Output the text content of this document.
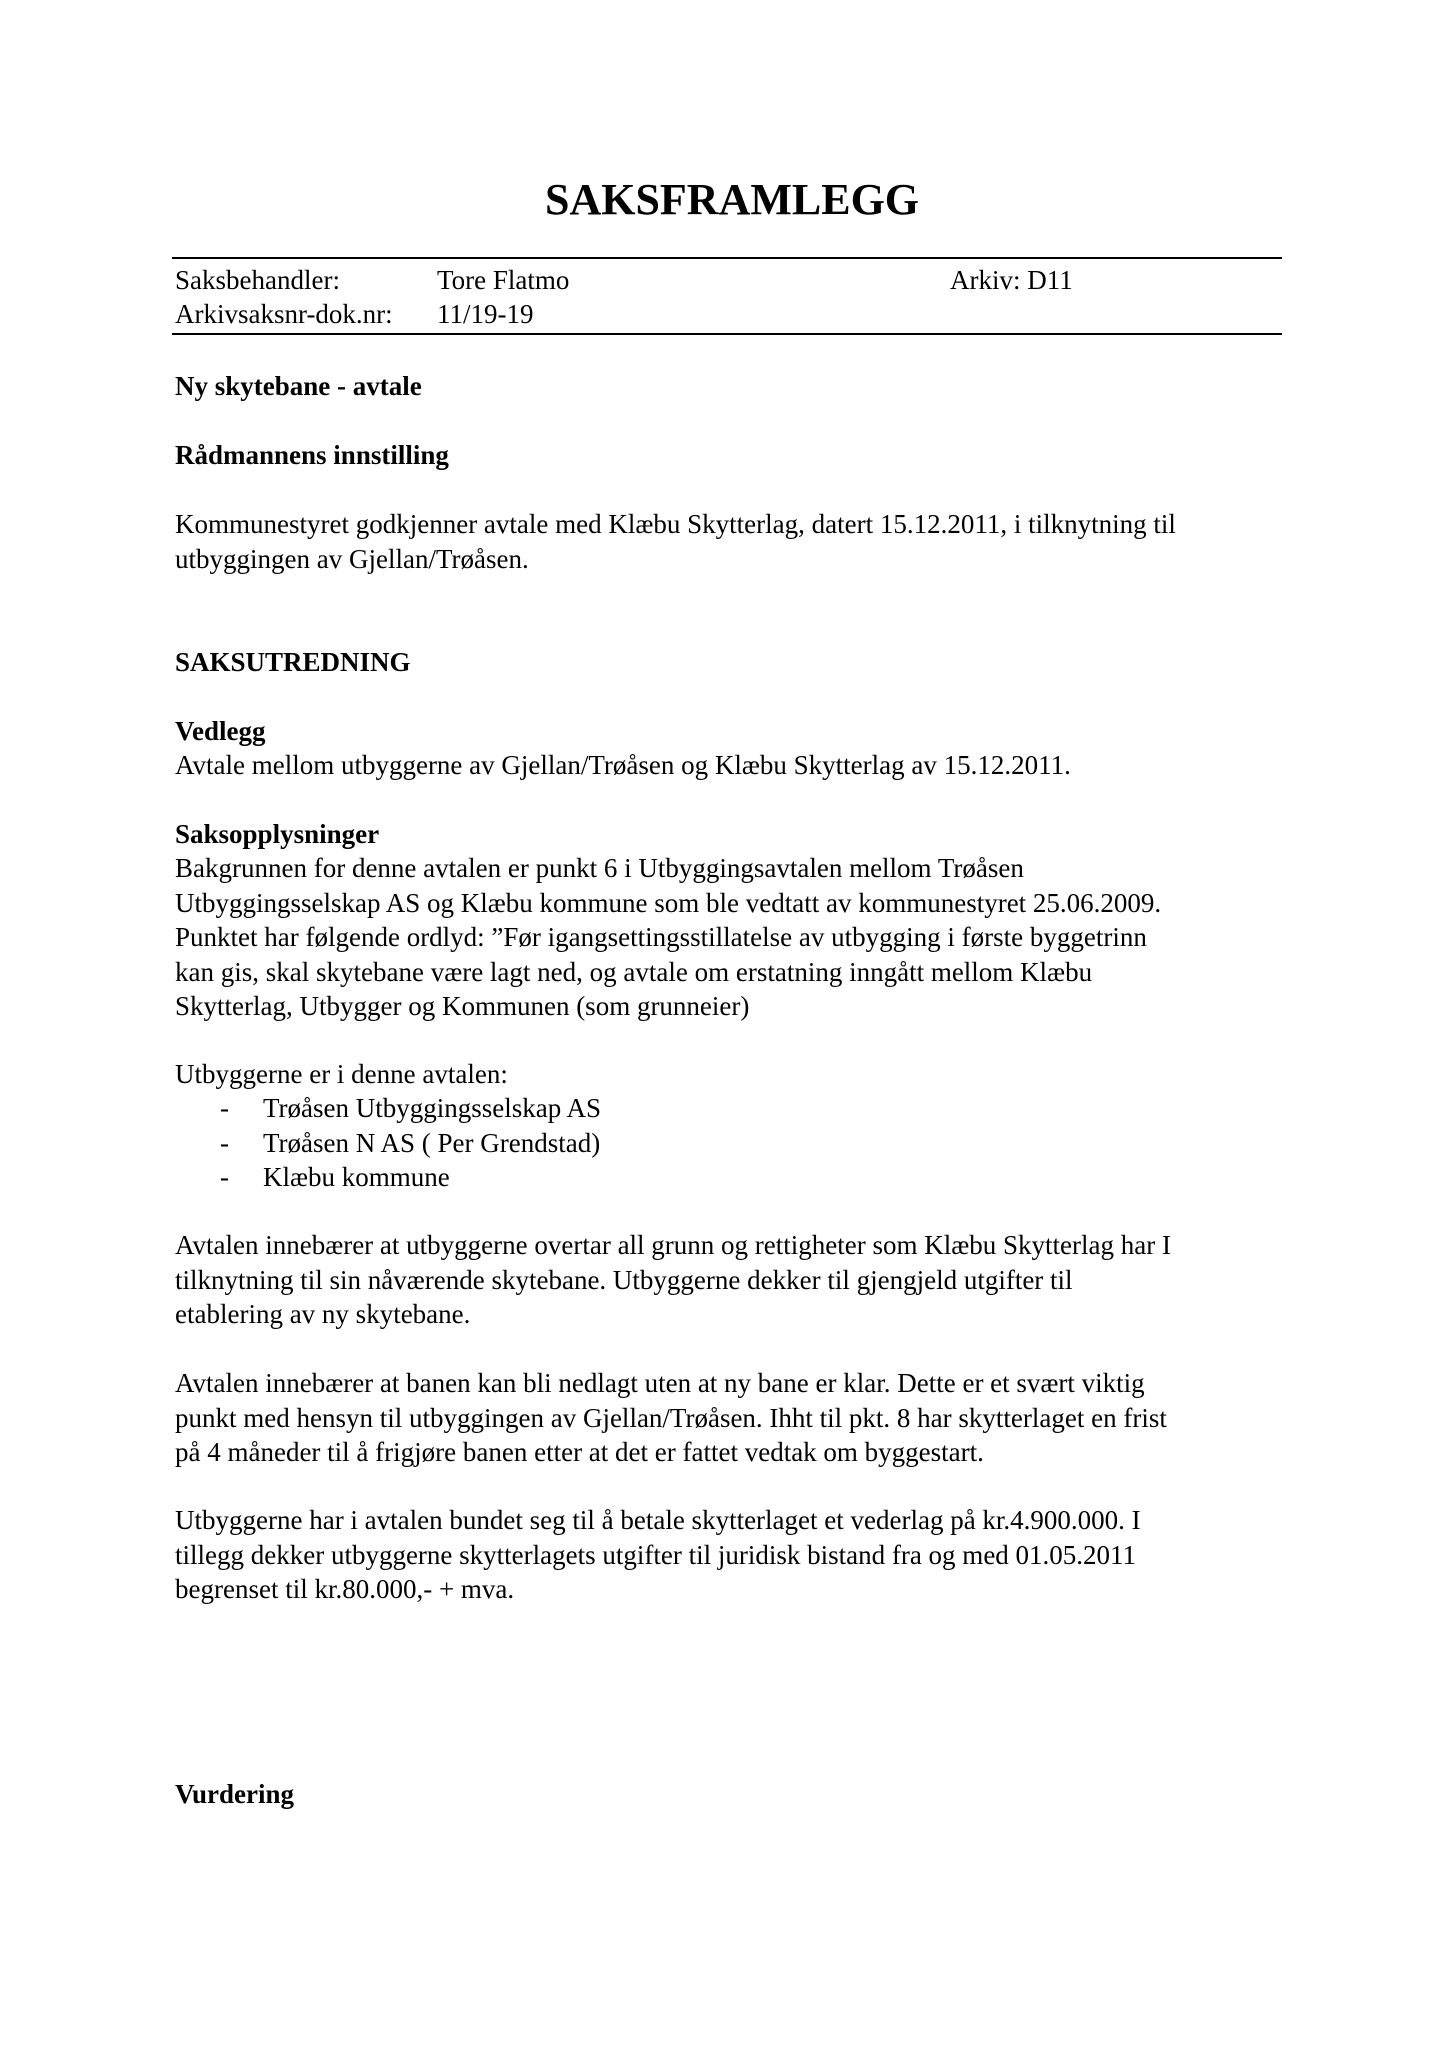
SAKSFRAMLEGG
Saksbehandler:	Tore Flatmo	Arkiv: D11
Arkivsaksnr-dok.nr: 11/19-19
Ny skytebane - avtale
Rådmannens innstilling
Kommunestyret godkjenner avtale med Klæbu Skytterlag, datert 15.12.2011, i tilknytning til
utbyggingen av Gjellan/Trøåsen.
SAKSUTREDNING
Vedlegg
Avtale mellom utbyggerne av Gjellan/Trøåsen og Klæbu Skytterlag av 15.12.2011.
Saksopplysninger
Bakgrunnen for denne avtalen er punkt 6 i Utbyggingsavtalen mellom Trøåsen
Utbyggingsselskap AS og Klæbu kommune som ble vedtatt av kommunestyret 25.06.2009.
Punktet har følgende ordlyd: ”Før igangsettingsstillatelse av utbygging i første byggetrinn
kan gis, skal skytebane være lagt ned, og avtale om erstatning inngått mellom Klæbu
Skytterlag, Utbygger og Kommunen (som grunneier)
Utbyggerne er i denne avtalen:
- Trøåsen Utbyggingsselskap AS
- Trøåsen N AS ( Per Grendstad)
- Klæbu kommune
Avtalen innebærer at utbyggerne overtar all grunn og rettigheter som Klæbu Skytterlag har I
tilknytning til sin nåværende skytebane. Utbyggerne dekker til gjengjeld utgifter til
etablering av ny skytebane.
Avtalen innebærer at banen kan bli nedlagt uten at ny bane er klar. Dette er et svært viktig
punkt med hensyn til utbyggingen av Gjellan/Trøåsen. Ihht til pkt. 8 har skytterlaget en frist
på 4 måneder til å frigjøre banen etter at det er fattet vedtak om byggestart.
Utbyggerne har i avtalen bundet seg til å betale skytterlaget et vederlag på kr.4.900.000. I
tillegg dekker utbyggerne skytterlagets utgifter til juridisk bistand fra og med 01.05.2011
begrenset til kr.80.000,- + mva.
Vurdering
